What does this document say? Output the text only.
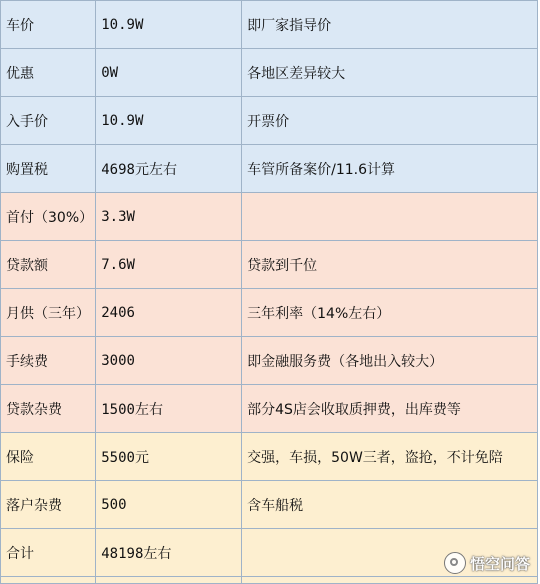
车价	10.9W	即厂家指导价
优惠	0W	各地区差异较大
入手价	10.9W	开票价
购置税	4698元左右	车管所备案价/11.6计算
首付（30%）	3.3W	
贷款额	7.6W	贷款到千位
月供（三年）	2406	三年利率（14%左右）
手续费	3000	即金融服务费（各地出入较大）
贷款杂费	1500左右	部分4S店会收取质押费，出库费等
保险	5500元	交强，车损，50W三者，盗抢，不计免陪
落户杂费	500	含车船税
合计	48198左右	

悟空问答
